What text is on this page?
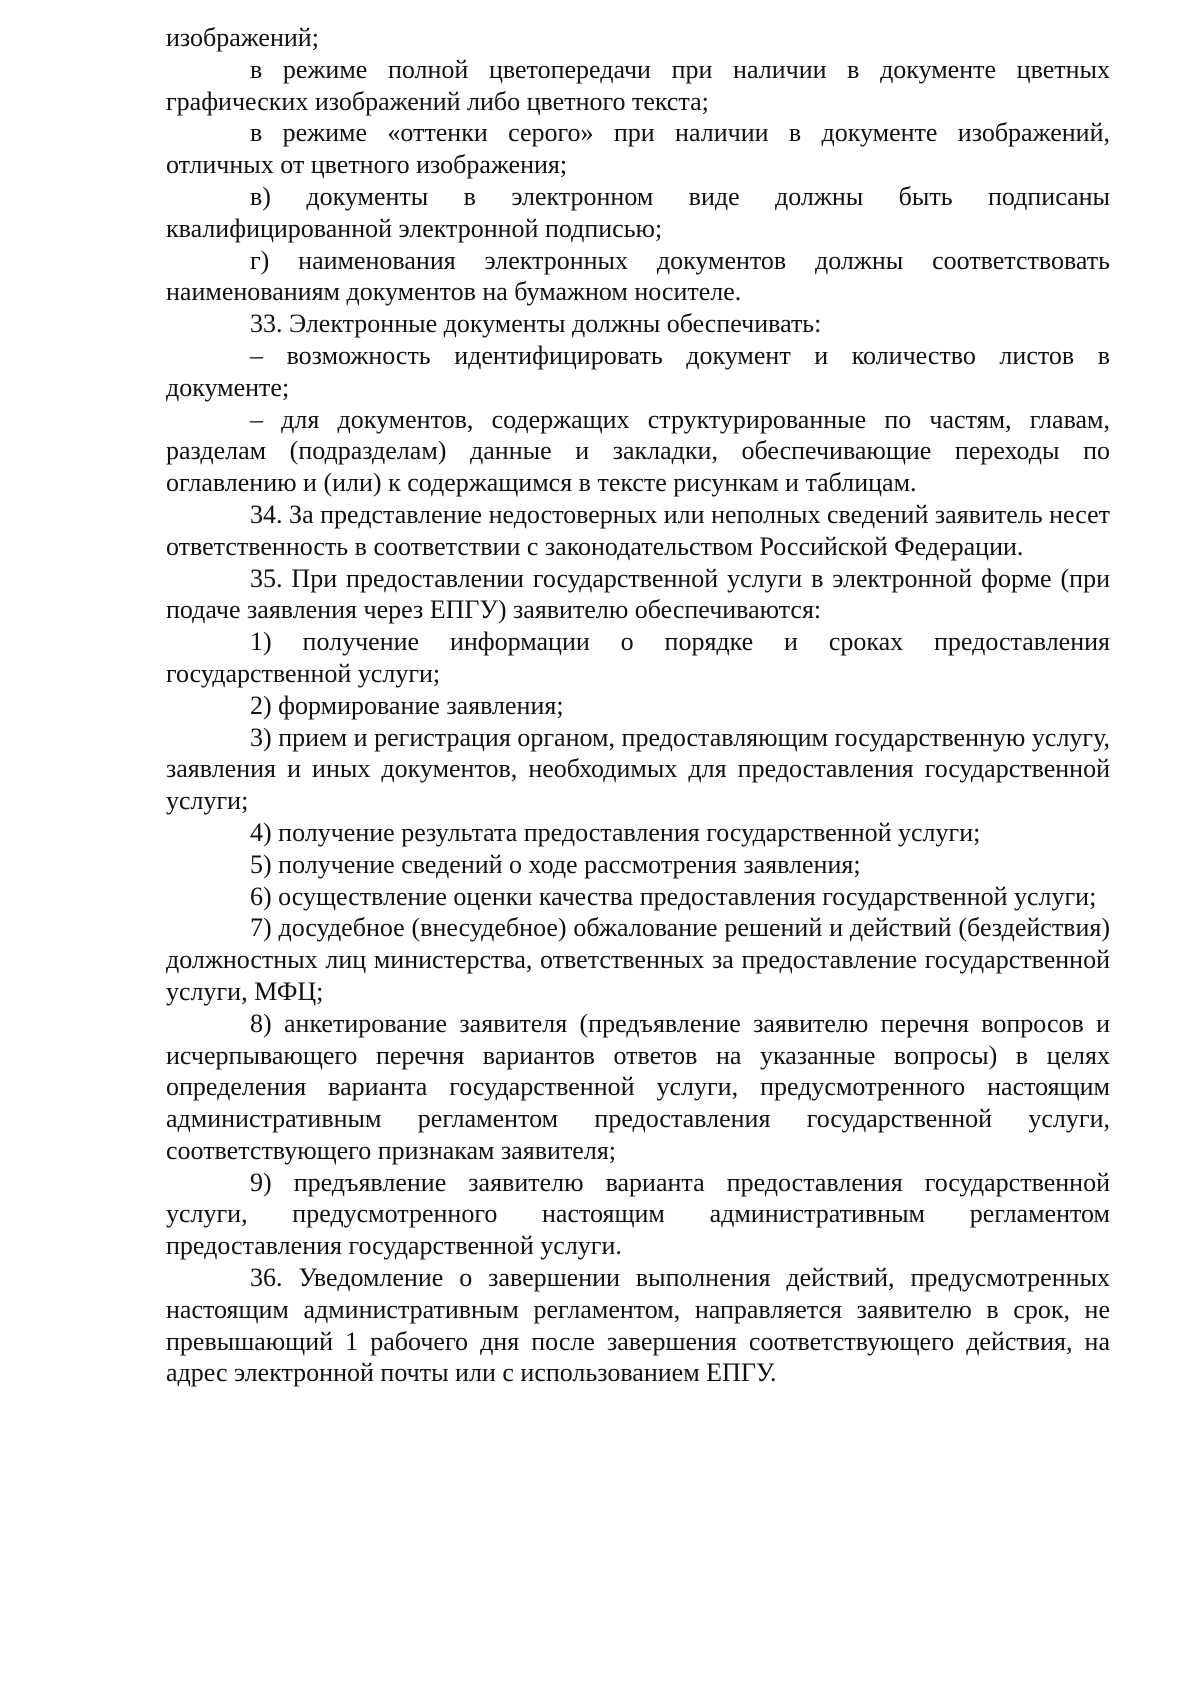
изображений;

в режиме полной цветопередачи при наличии в документе цветных графических изображений либо цветного текста;

в режиме «оттенки серого» при наличии в документе изображений, отличных от цветного изображения;

в) документы в электронном виде должны быть подписаны квалифицированной электронной подписью;

г) наименования электронных документов должны соответствовать наименованиям документов на бумажном носителе.

33. Электронные документы должны обеспечивать:

– возможность идентифицировать документ и количество листов в документе;

– для документов, содержащих структурированные по частям, главам, разделам (подразделам) данные и закладки, обеспечивающие переходы по оглавлению и (или) к содержащимся в тексте рисункам и таблицам.

34. За представление недостоверных или неполных сведений заявитель несет ответственность в соответствии с законодательством Российской Федерации.

35. При предоставлении государственной услуги в электронной форме (при подаче заявления через ЕПГУ) заявителю обеспечиваются:

1) получение информации о порядке и сроках предоставления государственной услуги;

2) формирование заявления;

3) прием и регистрация органом, предоставляющим государственную услугу, заявления и иных документов, необходимых для предоставления государственной услуги;

4) получение результата предоставления государственной услуги;

5) получение сведений о ходе рассмотрения заявления;

6) осуществление оценки качества предоставления государственной услуги;

7) досудебное (внесудебное) обжалование решений и действий (бездействия) должностных лиц министерства, ответственных за предоставление государственной услуги, МФЦ;

8) анкетирование заявителя (предъявление заявителю перечня вопросов и исчерпывающего перечня вариантов ответов на указанные вопросы) в целях определения варианта государственной услуги, предусмотренного настоящим административным регламентом предоставления государственной услуги, соответствующего признакам заявителя;

9) предъявление заявителю варианта предоставления государственной услуги, предусмотренного настоящим административным регламентом предоставления государственной услуги.

36. Уведомление о завершении выполнения действий, предусмотренных настоящим административным регламентом, направляется заявителю в срок, не превышающий 1 рабочего дня после завершения соответствующего действия, на адрес электронной почты или с использованием ЕПГУ.
